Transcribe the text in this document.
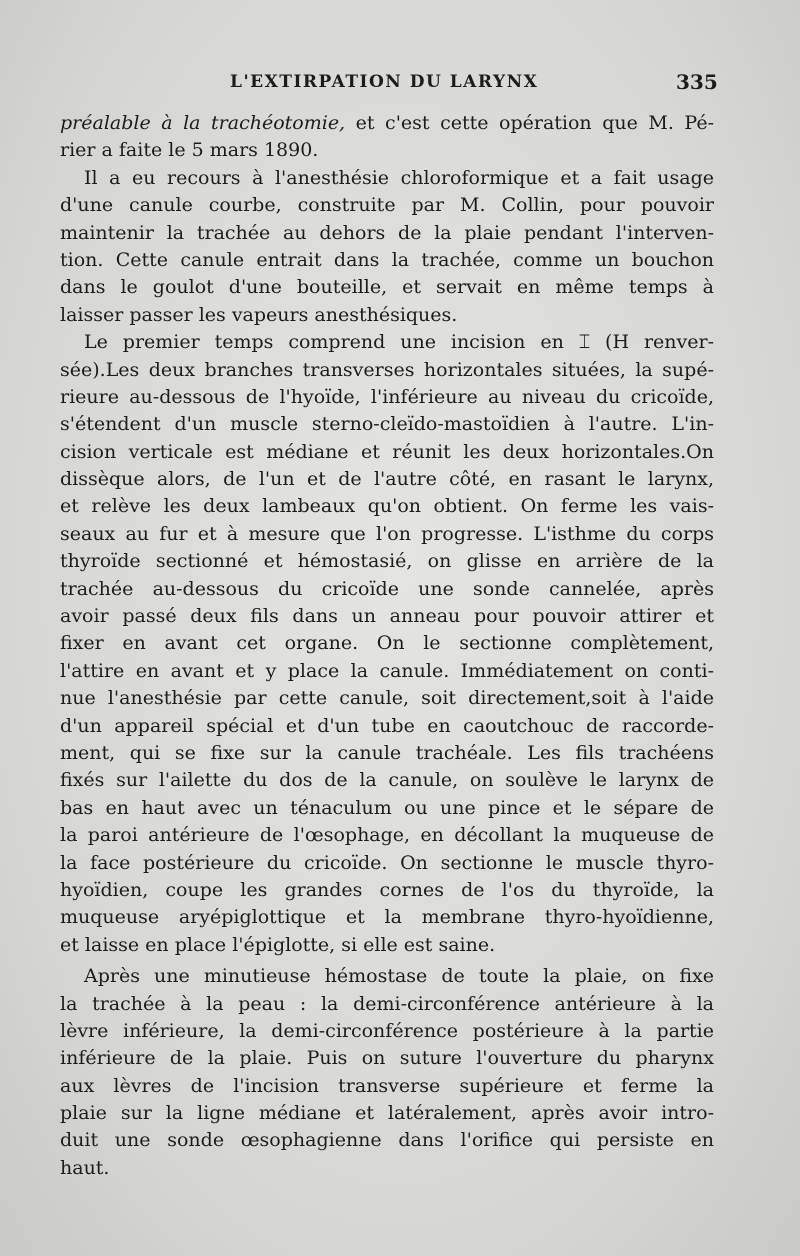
L'EXTIRPATION DU LARYNX	335
préalable à la trachéotomie, et c'est cette opération que M. Pé-
rier a faite le 5 mars 1890.
Il a eu recours à l'anesthésie chloroformique et a fait usage
d'une canule courbe, construite par M. Collin, pour pouvoir
maintenir la trachée au dehors de la plaie pendant l'interven-
tion. Cette canule entrait dans la trachée, comme un bouchon
dans le goulot d'une bouteille, et servait en même temps à
laisser passer les vapeurs anesthésiques.
Le premier temps comprend une incision en ⌶ (H renver-
sée).Les deux branches transverses horizontales situées, la supé-
rieure au-dessous de l'hyoïde, l'inférieure au niveau du cricoïde,
s'étendent d'un muscle sterno-cleïdo-mastoïdien à l'autre. L'in-
cision verticale est médiane et réunit les deux horizontales.On
dissèque alors, de l'un et de l'autre côté, en rasant le larynx,
et relève les deux lambeaux qu'on obtient. On ferme les vais-
seaux au fur et à mesure que l'on progresse. L'isthme du corps
thyroïde sectionné et hémostasié, on glisse en arrière de la
trachée au-dessous du cricoïde une sonde cannelée, après
avoir passé deux fils dans un anneau pour pouvoir attirer et
fixer en avant cet organe. On le sectionne complètement,
l'attire en avant et y place la canule. Immédiatement on conti-
nue l'anesthésie par cette canule, soit directement,soit à l'aide
d'un appareil spécial et d'un tube en caoutchouc de raccorde-
ment, qui se fixe sur la canule trachéale. Les fils trachéens
fixés sur l'ailette du dos de la canule, on soulève le larynx de
bas en haut avec un ténaculum ou une pince et le sépare de
la paroi antérieure de l'œsophage, en décollant la muqueuse de
la face postérieure du cricoïde. On sectionne le muscle thyro-
hyoïdien, coupe les grandes cornes de l'os du thyroïde, la
muqueuse aryépiglottique et la membrane thyro-hyoïdienne,
et laisse en place l'épiglotte, si elle est saine.
Après une minutieuse hémostase de toute la plaie, on fixe
la trachée à la peau : la demi-circonférence antérieure à la
lèvre inférieure, la demi-circonférence postérieure à la partie
inférieure de la plaie. Puis on suture l'ouverture du pharynx
aux lèvres de l'incision transverse supérieure et ferme la
plaie sur la ligne médiane et latéralement, après avoir intro-
duit une sonde œsophagienne dans l'orifice qui persiste en
haut.
